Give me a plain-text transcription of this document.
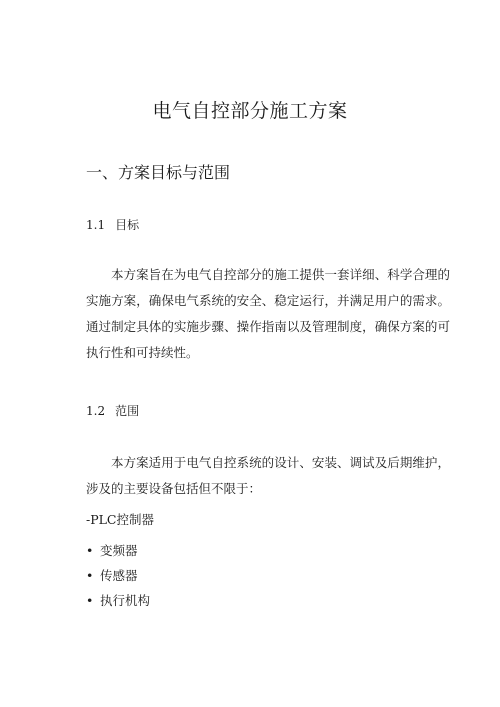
电气自控部分施工方案
一、方案目标与范围
1.1 目标

本方案旨在为电气自控部分的施工提供一套详细、科学合理的实施方案，确保电气系统的安全、稳定运行，并满足用户的需求。通过制定具体的实施步骤、操作指南以及管理制度，确保方案的可执行性和可持续性。

1.2 范围

本方案适用于电气自控系统的设计、安装、调试及后期维护，涉及的主要设备包括但不限于：

-PLC控制器

• 变频器
• 传感器
• 执行机构
